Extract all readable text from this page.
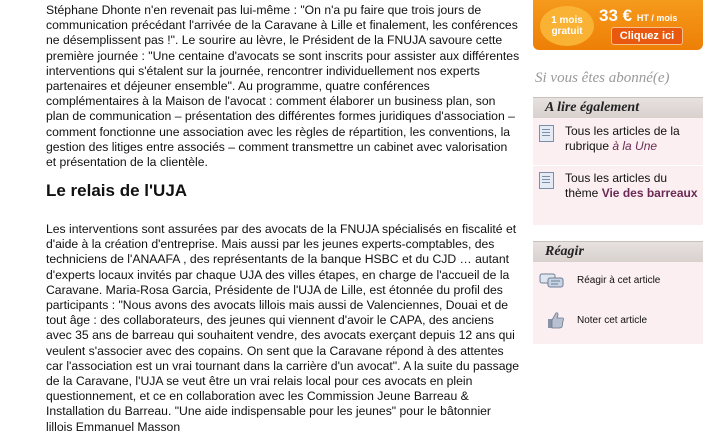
Stéphane Dhonte n'en revenait pas lui-même : "On n'a pu faire que trois jours de communication précédant l'arrivée de la Caravane à Lille et finalement, les conférences ne désemplissent pas !". Le sourire au lèvre, le Président de la FNUJA savoure cette première journée : "Une centaine d'avocats se sont inscrits pour assister aux différentes interventions qui s'étalent sur la journée, rencontrer individuellement nos experts partenaires et déjeuner ensemble". Au programme, quatre conférences complémentaires à la Maison de l'avocat : comment élaborer un business plan, son plan de communication – présentation des différentes formes juridiques d'association – comment fonctionne une association avec les règles de répartition, les conventions, la gestion des litiges entre associés – comment transmettre un cabinet avec valorisation et présentation de la clientèle.

Le relais de l'UJA

Les interventions sont assurées par des avocats de la FNUJA spécialisés en fiscalité et d'aide à la création d'entreprise. Mais aussi par les jeunes experts-comptables, des techniciens de l'ANAAFA , des représentants de la banque HSBC et du CJD … autant d'experts locaux invités par chaque UJA des villes étapes, en charge de l'accueil de la Caravane. Maria-Rosa Garcia, Présidente de l'UJA de Lille, est étonnée du profil des participants : "Nous avons des avocats lillois mais aussi de Valenciennes, Douai et de tout âge : des collaborateurs, des jeunes qui viennent d'avoir le CAPA, des anciens avec 35 ans de barreau qui souhaitent vendre, des avocats exerçant depuis 12 ans qui veulent s'associer avec des copains. On sent que la Caravane répond à des attentes car l'association est un vrai tournant dans la carrière d'un avocat". A la suite du passage de la Caravane, l'UJA se veut être un vrai relais local pour ces avocats en plein questionnement, et ce en collaboration avec les Commission Jeune Barreau & Installation du Barreau. "Une aide indispensable pour les jeunes" pour le bâtonnier lillois Emmanuel Masson

1 mois gratuit
33 € HT / mois
Cliquez ici
Si vous êtes abonné(e)
A lire également
Tous les articles de la rubrique à la Une
Tous les articles du thème Vie des barreaux
Réagir
Réagir à cet article
Noter cet article
